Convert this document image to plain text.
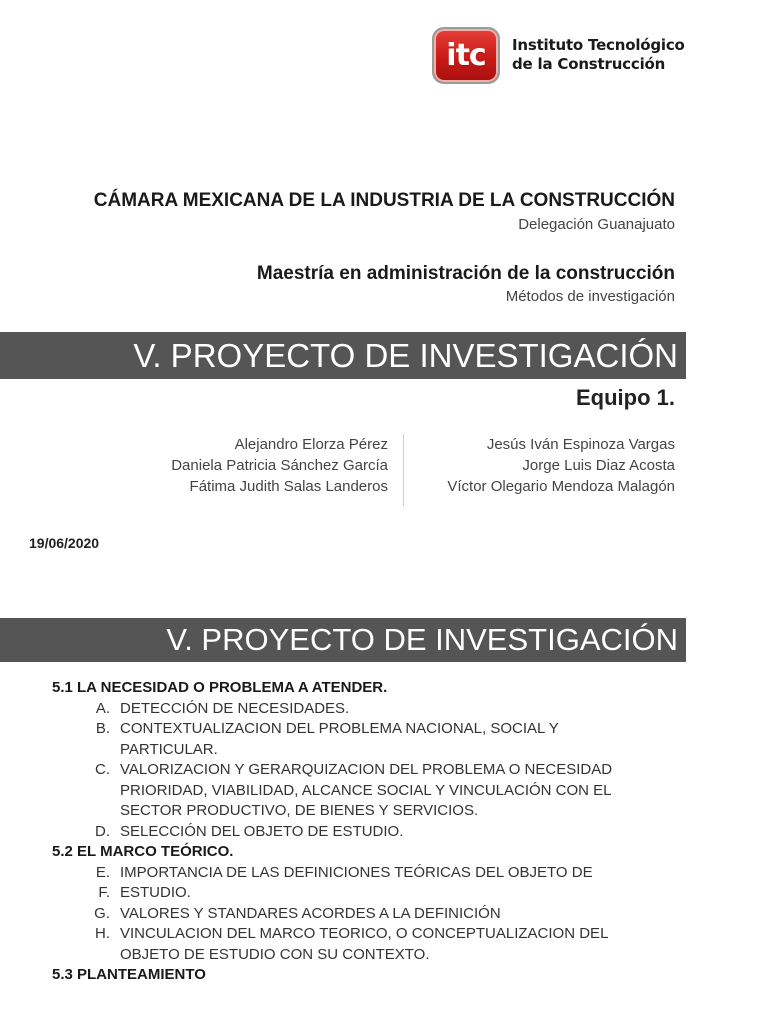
itc Instituto Tecnológico
de la Construcción
CÁMARA MEXICANA DE LA INDUSTRIA DE LA CONSTRUCCIÓN
Delegación Guanajuato
Maestría en administración de la construcción
Métodos de investigación
V. PROYECTO DE INVESTIGACIÓN
Equipo 1.
Alejandro Elorza Pérez
Daniela Patricia Sánchez García
Fátima Judith Salas Landeros
Jesús Iván Espinoza Vargas
Jorge Luis Diaz Acosta
Víctor Olegario Mendoza Malagón
19/06/2020
V. PROYECTO DE INVESTIGACIÓN
5.1 LA NECESIDAD O PROBLEMA A ATENDER.
A. DETECCIÓN DE NECESIDADES.
B. CONTEXTUALIZACION DEL PROBLEMA NACIONAL, SOCIAL Y PARTICULAR.
C. VALORIZACION Y GERARQUIZACION DEL PROBLEMA O NECESIDAD PRIORIDAD, VIABILIDAD, ALCANCE SOCIAL Y VINCULACIÓN CON EL SECTOR PRODUCTIVO, DE BIENES Y SERVICIOS.
D. SELECCIÓN DEL OBJETO DE ESTUDIO.
5.2 EL MARCO TEÓRICO.
E. IMPORTANCIA DE LAS DEFINICIONES TEÓRICAS DEL OBJETO DE
F. ESTUDIO.
G. VALORES Y STANDARES ACORDES A LA DEFINICIÓN
H. VINCULACION DEL MARCO TEORICO, O CONCEPTUALIZACION DEL OBJETO DE ESTUDIO CON SU CONTEXTO.
5.3 PLANTEAMIENTO
